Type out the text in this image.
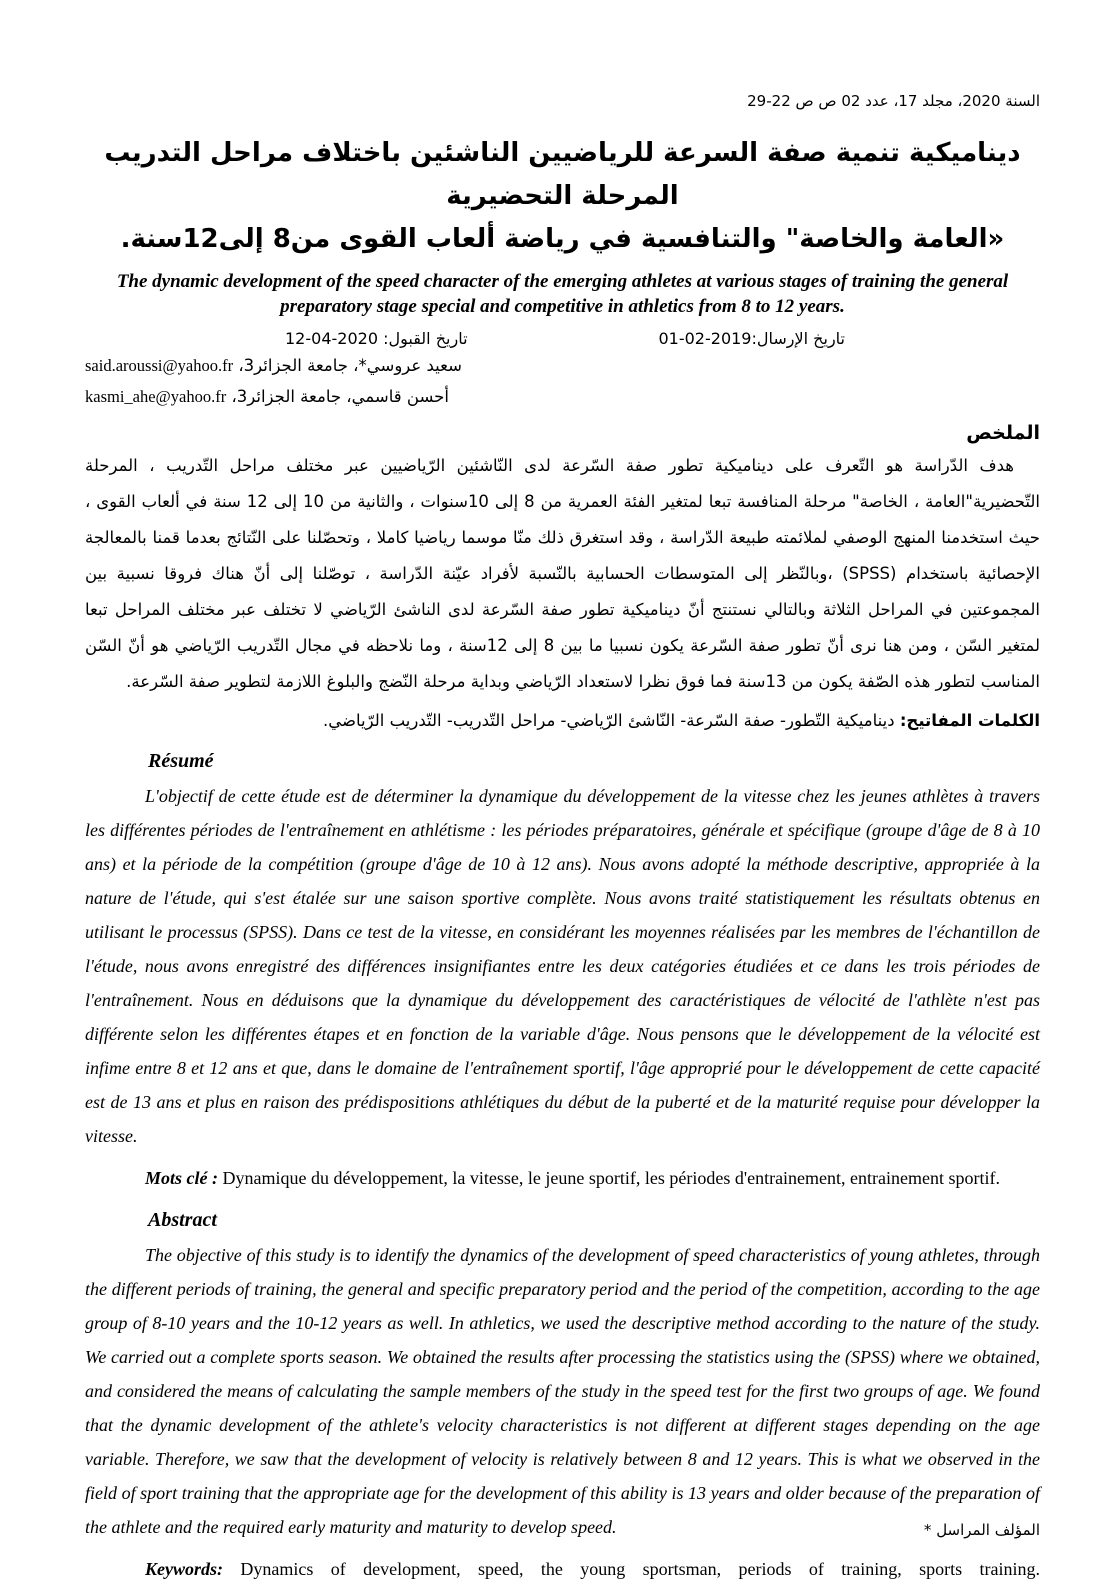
السنة 2020، مجلد 17، عدد 02 ص ص 22-29
ديناميكية تنمية صفة السرعة للرياضيين الناشئين باختلاف مراحل التدريب المرحلة التحضيرية
«العامة والخاصة" والتنافسية في رياضة ألعاب القوى من8 إلى12سنة.
The dynamic development of the speed character of the emerging athletes at various stages of training the general preparatory stage special and competitive in athletics from 8 to 12 years.
تاريخ القبول: 2020-04-12	تاريخ الإرسال:2019-02-01
سعيد عروسي*، جامعة الجزائر3، said.aroussi@yahoo.fr
أحسن قاسمي، جامعة الجزائر3، kasmi_ahe@yahoo.fr
الملخص

هدف الدّراسة هو التّعرف على ديناميكية تطور صفة السّرعة لدى النّاشئين الرّياضيين عبر مختلف مراحل التّدريب ، المرحلة التّحضيرية"العامة ، الخاصة" مرحلة المنافسة تبعا لمتغير الفئة العمرية من 8 إلى 10سنوات ، والثانية من 10 إلى 12 سنة في ألعاب القوى ، حيث استخدمنا المنهج الوصفي لملائمته طبيعة الدّراسة ، وقد استغرق ذلك منّا موسما رياضيا كاملا ، وتحصّلنا على النّتائج بعدما قمنا بالمعالجة الإحصائية باستخدام (SPSS) ،وبالنّظر إلى المتوسطات الحسابية بالنّسبة لأفراد عيّنة الدّراسة ، توصّلنا إلى أنّ هناك فروقا نسبية بين المجموعتين في المراحل الثلاثة وبالتالي نستنتج أنّ ديناميكية تطور صفة السّرعة لدى الناشئ الرّياضي لا تختلف عبر مختلف المراحل تبعا لمتغير السّن ، ومن هنا نرى أنّ تطور صفة السّرعة يكون نسبيا ما بين 8 إلى 12سنة ، وما نلاحظه في مجال التّدريب الرّياضي هو أنّ السّن المناسب لتطور هذه الصّفة يكون من 13سنة فما فوق نظرا لاستعداد الرّياضي وبداية مرحلة النّضج والبلوغ اللازمة لتطوير صفة السّرعة.

الكلمات المفاتيح: ديناميكية التّطور- صفة السّرعة- النّاشئ الرّياضي- مراحل التّدريب- التّدريب الرّياضي.

Résumé

L'objectif de cette étude est de déterminer la dynamique du développement de la vitesse chez les jeunes athlètes à travers les différentes périodes de l'entraînement en athlétisme : les périodes préparatoires, générale et spécifique (groupe d'âge de 8 à 10 ans) et la période de la compétition (groupe d'âge de 10 à 12 ans). Nous avons adopté la méthode descriptive, appropriée à la nature de l'étude, qui s'est étalée sur une saison sportive complète. Nous avons traité statistiquement les résultats obtenus en utilisant le processus (SPSS). Dans ce test de la vitesse, en considérant les moyennes réalisées par les membres de l'échantillon de l'étude, nous avons enregistré des différences insignifiantes entre les deux catégories étudiées et ce dans les trois périodes de l'entraînement. Nous en déduisons que la dynamique du développement des caractéristiques de vélocité de l'athlète n'est pas différente selon les différentes étapes et en fonction de la variable d'âge. Nous pensons que le développement de la vélocité est infime entre 8 et 12 ans et que, dans le domaine de l'entraînement sportif, l'âge approprié pour le développement de cette capacité est de 13 ans et plus en raison des prédispositions athlétiques du début de la puberté et de la maturité requise pour développer la vitesse.

Mots clé : Dynamique du développement, la vitesse, le jeune sportif, les périodes d'entrainement, entrainement sportif.

Abstract

The objective of this study is to identify the dynamics of the development of speed characteristics of young athletes, through the different periods of training, the general and specific preparatory period and the period of the competition, according to the age group of 8-10 years and the 10-12 years as well. In athletics, we used the descriptive method according to the nature of the study. We carried out a complete sports season. We obtained the results after processing the statistics using the (SPSS) where we obtained, and considered the means of calculating the sample members of the study in the speed test for the first two groups of age. We found that the dynamic development of the athlete's velocity characteristics is not different at different stages depending on the age variable. Therefore, we saw that the development of velocity is relatively between 8 and 12 years. This is what we observed in the field of sport training that the appropriate age for the development of this ability is 13 years and older because of the preparation of the athlete and the required early maturity and maturity to develop speed.

Keywords: Dynamics of development, speed, the young sportsman, periods of training, sports training.

المؤلف المراسل *
